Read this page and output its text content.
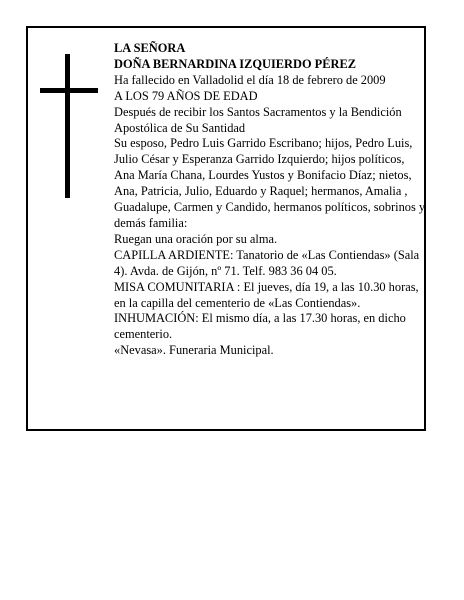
LA SEÑORA

DOÑA BERNARDINA IZQUIERDO PÉREZ

Ha fallecido en Valladolid el día 18 de febrero de 2009

A LOS 79 AÑOS DE EDAD

Después de recibir los Santos Sacramentos y la Bendición Apostólica de Su Santidad

Su esposo, Pedro Luis Garrido Escribano; hijos, Pedro Luis, Julio César y Esperanza Garrido Izquierdo; hijos políticos, Ana María Chana, Lourdes Yustos y Bonifacio Díaz; nietos, Ana, Patricia, Julio, Eduardo y Raquel; hermanos, Amalia , Guadalupe, Carmen y Candido, hermanos políticos, sobrinos y demás familia:

Ruegan una oración por su alma.

CAPILLA ARDIENTE: Tanatorio de «Las Contiendas» (Sala 4). Avda. de Gijón, nº 71. Telf. 983 36 04 05.

MISA COMUNITARIA : El jueves, día 19, a las 10.30 horas, en la capilla del cementerio de «Las Contiendas».

INHUMACIÓN: El mismo día, a las 17.30 horas, en dicho cementerio.

«Nevasa». Funeraria Municipal.
